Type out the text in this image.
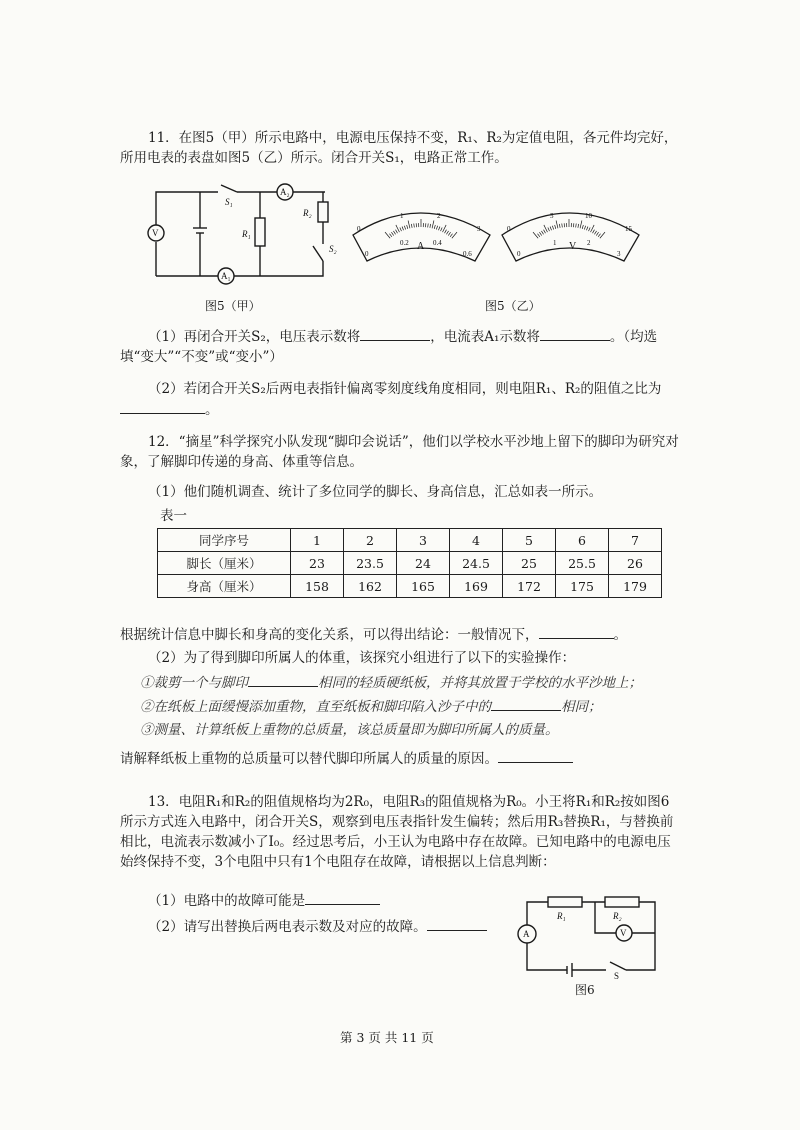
11．在图5（甲）所示电路中，电源电压保持不变，R₁、R₂为定值电阻，各元件均完好，所用电表的表盘如图5（乙）所示。闭合开关S₁，电路正常工作。
V
A₁
A₂
S₁
S₂
R₁
R₂
图5（甲）
0
1	2
3
0
0.2	0.4
0.6
A
0
5	10
15
0
1	2
3
V
图5（乙）
（1）再闭合开关S₂，电压表示数将	，电流表A₁示数将	。（均选填“变大”“不变”或“变小”）
（2）若闭合开关S₂后两电表指针偏离零刻度线角度相同，则电阻R₁、R₂的阻值之比为。
12．“摘星”科学探究小队发现“脚印会说话”，他们以学校水平沙地上留下的脚印为研究对象，了解脚印传递的身高、体重等信息。
（1）他们随机调查、统计了多位同学的脚长、身高信息，汇总如表一所示。
表一
同学序号	1	2	3	4	5	6	7
脚长（厘米）	23	23.5	24	24.5	25	25.5	26
身高（厘米）	158	162	165	169	172	175	179
根据统计信息中脚长和身高的变化关系，可以得出结论：一般情况下，	。
（2）为了得到脚印所属人的体重，该探究小组进行了以下的实验操作：
①裁剪一个与脚印	相同的轻质硬纸板，并将其放置于学校的水平沙地上；
②在纸板上面缓慢添加重物，直至纸板和脚印陷入沙子中的	相同；
③测量、计算纸板上重物的总质量，该总质量即为脚印所属人的质量。
请解释纸板上重物的总质量可以替代脚印所属人的质量的原因。
13．电阻R₁和R₂的阻值规格均为2R₀，电阻R₃的阻值规格为R₀。小王将R₁和R₂按如图6所示方式连入电路中，闭合开关S，观察到电压表指针发生偏转；然后用R₃替换R₁，与替换前相比，电流表示数减小了I₀。经过思考后，小王认为电路中存在故障。已知电路中的电源电压始终保持不变，3个电阻中只有1个电阻存在故障，请根据以上信息判断：
（1）电路中的故障可能是
（2）请写出替换后两电表示数及对应的故障。	A	V
R₁	R₂
S
图6
第 3 页 共 11 页
